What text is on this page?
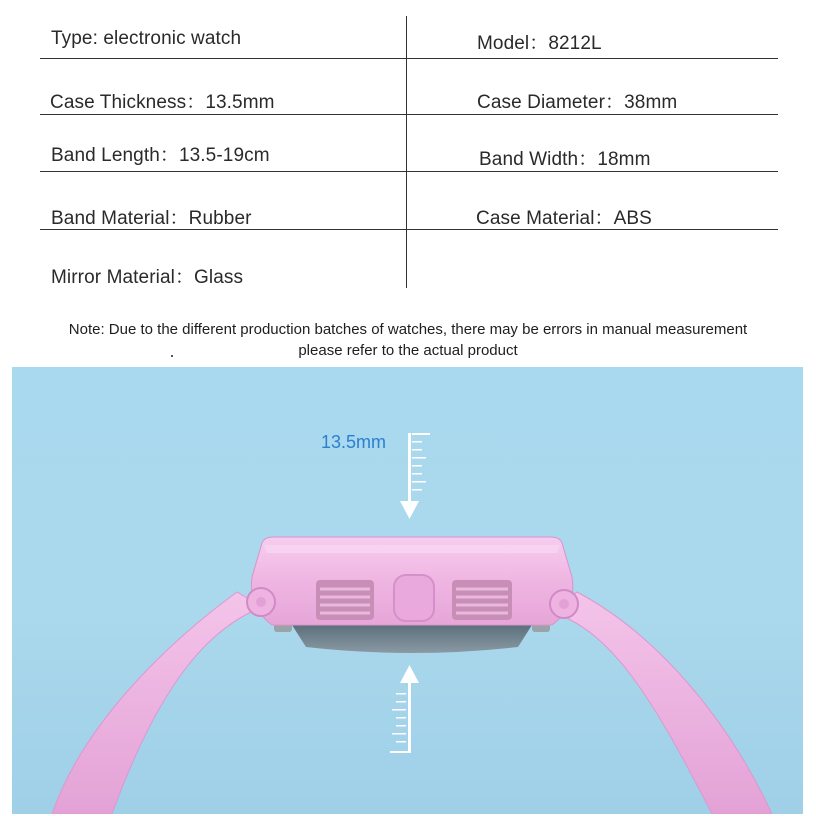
Type: electronic watch	Model：8212L
Case Thickness：13.5mm	Case Diameter：38mm
Band Length：13.5-19cm	Band Width：18mm
Band Material：Rubber	Case Material：ABS
Mirror Material：Glass
Note: Due to the different production batches of watches, there may be errors in manual measurement
please refer to the actual product
13.5mm
